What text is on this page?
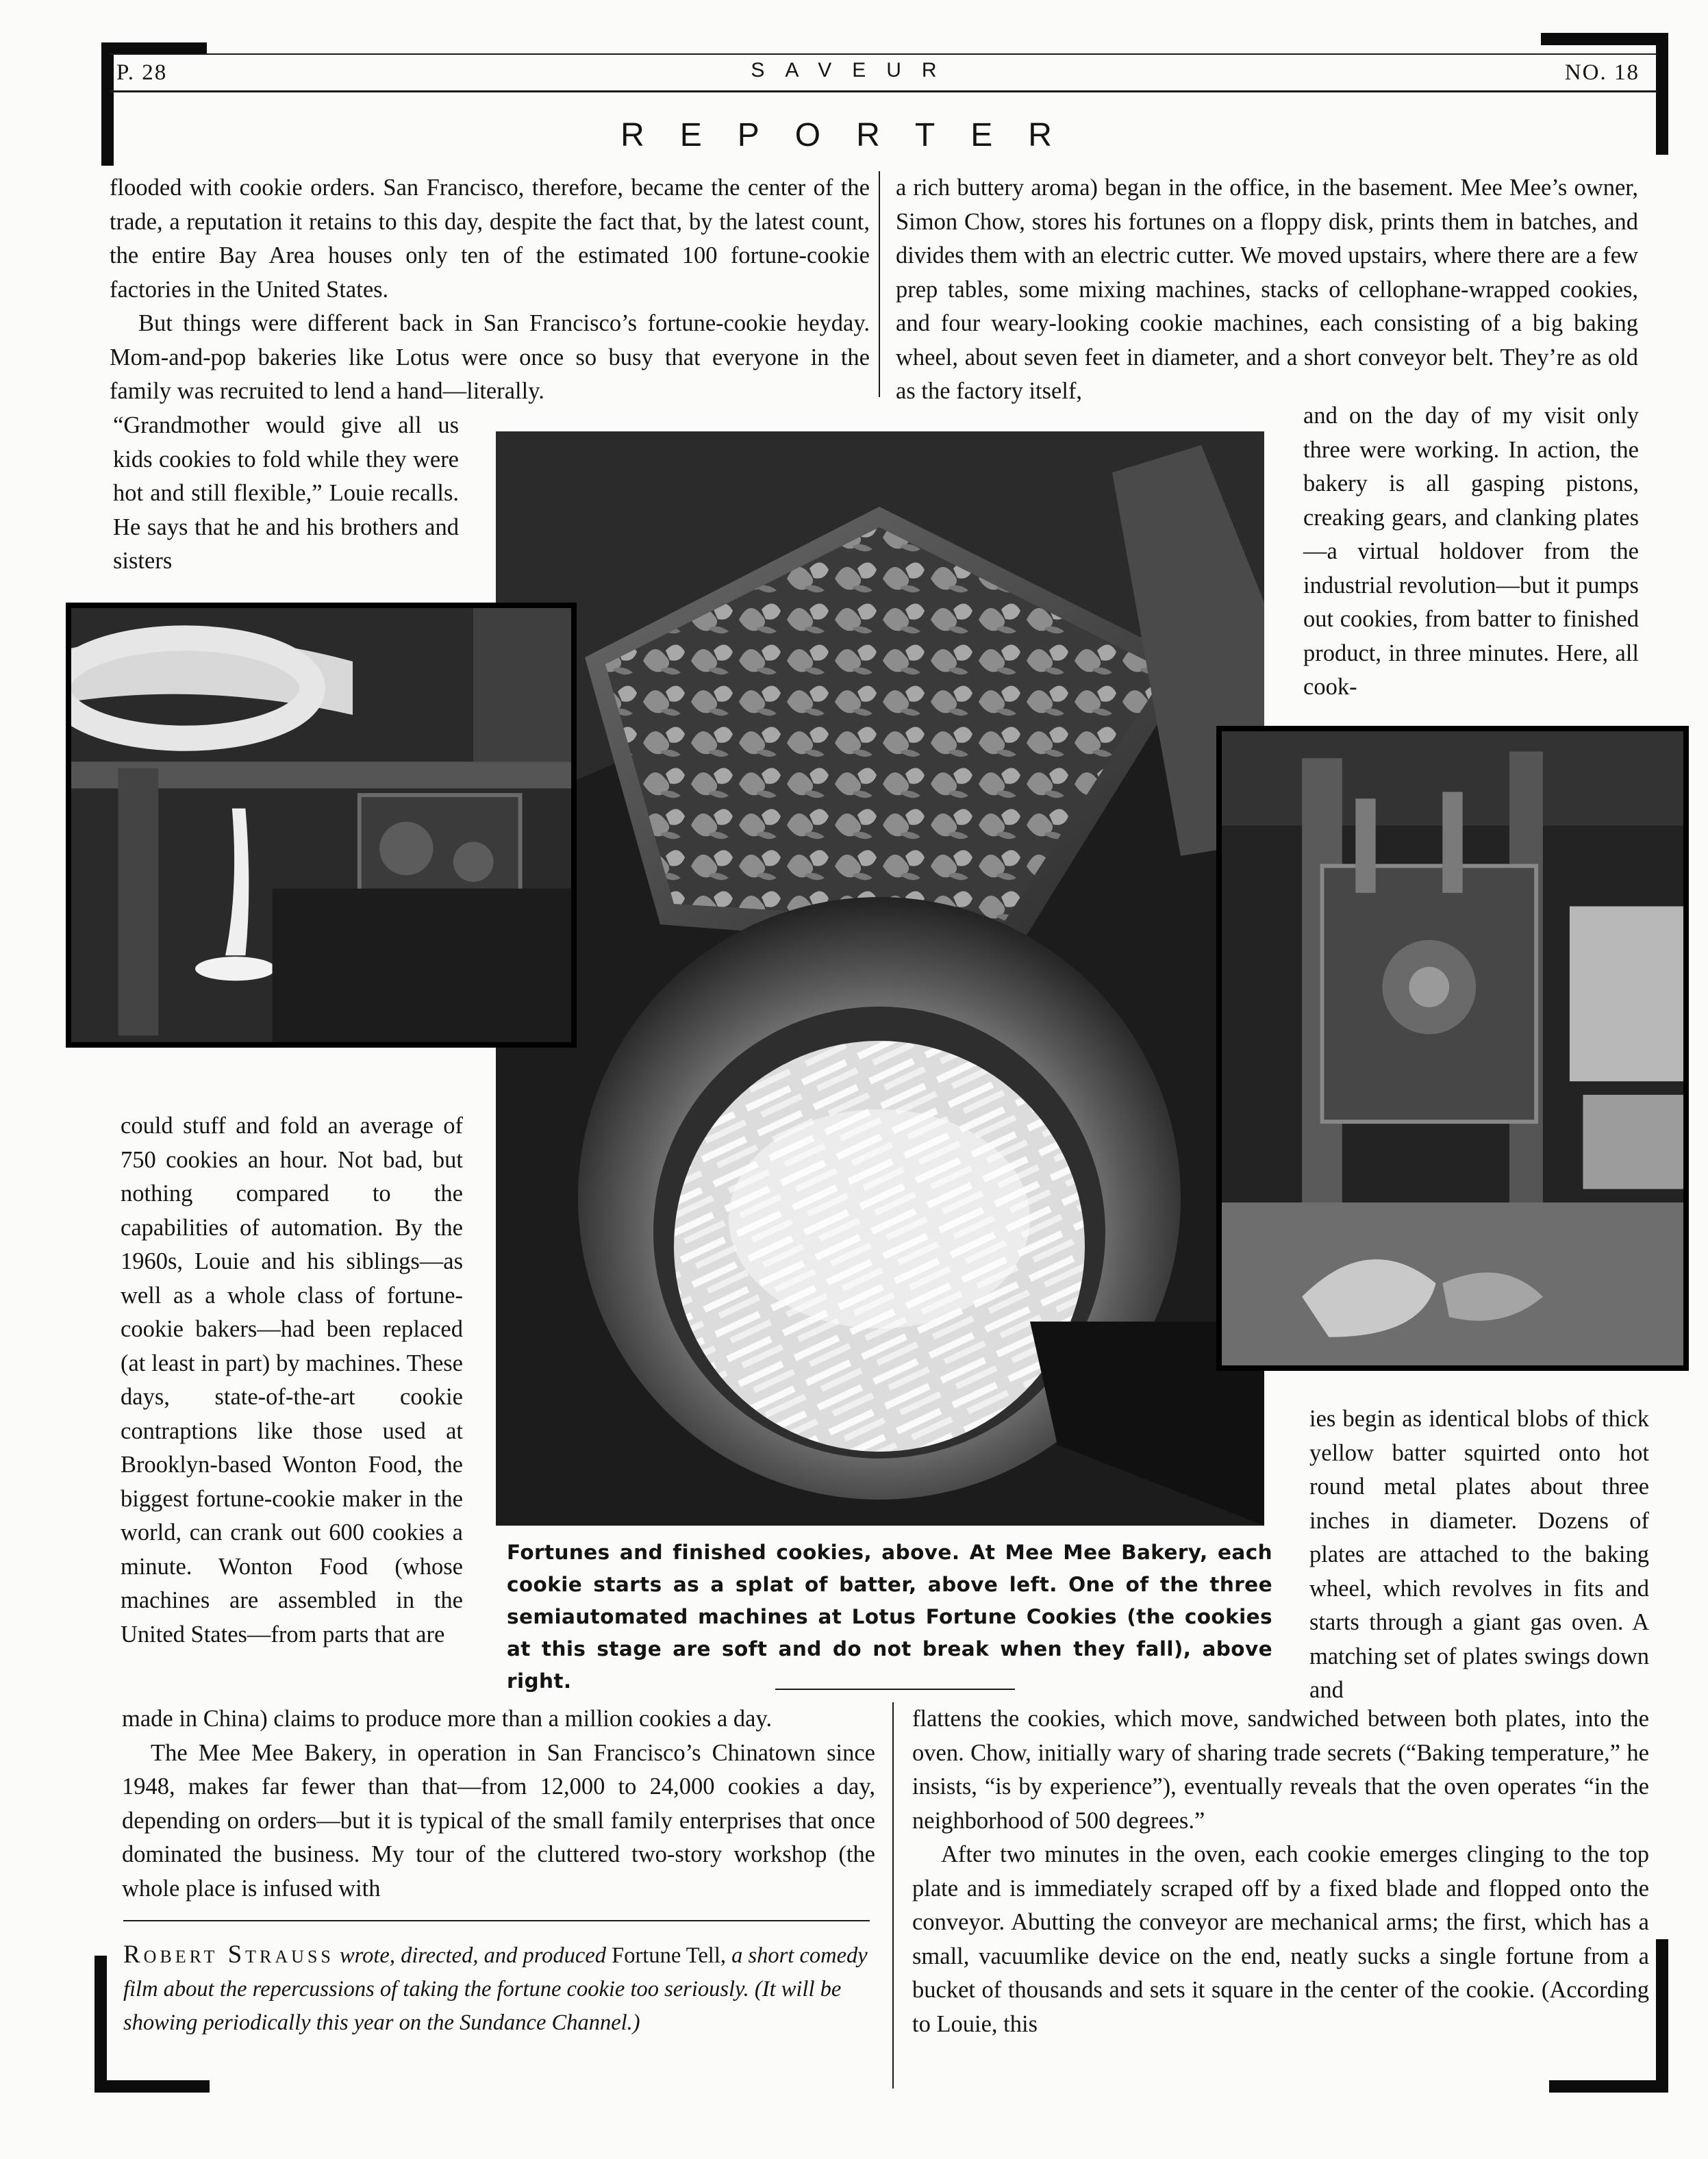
P. 28	SAVEUR	NO. 18
REPORTER

flooded with cookie orders. San Francisco, therefore, became the center of the trade, a reputation it retains to this day, despite the fact that, by the latest count, the entire Bay Area houses only ten of the estimated 100 fortune-cookie factories in the United States.

But things were different back in San Francisco’s fortune-cookie heyday. Mom-and-pop bakeries like Lotus were once so busy that everyone in the family was recruited to lend a hand—literally.

“Grandmother would give all us kids cookies to fold while they were hot and still flexible,” Louie recalls. He says that he and his brothers and sisters

could stuff and fold an average of 750 cookies an hour. Not bad, but nothing compared to the capabilities of automation. By the 1960s, Louie and his siblings—as well as a whole class of fortune-cookie bakers—had been replaced (at least in part) by machines. These days, state-of-the-art cookie contraptions like those used at Brooklyn-based Wonton Food, the biggest fortune-cookie maker in the world, can crank out 600 cookies a minute. Wonton Food (whose machines are assembled in the United States—from parts that are

made in China) claims to produce more than a million cookies a day.

The Mee Mee Bakery, in operation in San Francisco’s Chinatown since 1948, makes far fewer than that—from 12,000 to 24,000 cookies a day, depending on orders—but it is typical of the small family enterprises that once dominated the business. My tour of the cluttered two-story workshop (the whole place is infused with

a rich buttery aroma) began in the office, in the basement. Mee Mee’s owner, Simon Chow, stores his fortunes on a floppy disk, prints them in batches, and divides them with an electric cutter. We moved upstairs, where there are a few prep tables, some mixing machines, stacks of cellophane-wrapped cookies, and four weary-looking cookie machines, each consisting of a big baking wheel, about seven feet in diameter, and a short conveyor belt. They’re as old as the factory itself,

and on the day of my visit only three were working. In action, the bakery is all gasping pistons, creaking gears, and clanking plates—a virtual holdover from the industrial revolution—but it pumps out cookies, from batter to finished product, in three minutes. Here, all cook-

ies begin as identical blobs of thick yellow batter squirted onto hot round metal plates about three inches in diameter. Dozens of plates are attached to the baking wheel, which revolves in fits and starts through a giant gas oven. A matching set of plates swings down and

flattens the cookies, which move, sandwiched between both plates, into the oven. Chow, initially wary of sharing trade secrets (“Baking temperature,” he insists, “is by experience”), eventually reveals that the oven operates “in the neighborhood of 500 degrees.”

After two minutes in the oven, each cookie emerges clinging to the top plate and is immediately scraped off by a fixed blade and flopped onto the conveyor. Abutting the conveyor are mechanical arms; the first, which has a small, vacuumlike device on the end, neatly sucks a single fortune from a bucket of thousands and sets it square in the center of the cookie. (According to Louie, this

Fortunes and finished cookies, above. At Mee Mee Bakery, each cookie starts as a splat of batter, above left. One of the three semiautomated machines at Lotus Fortune Cookies (the cookies at this stage are soft and do not break when they fall), above right.
Robert Strauss wrote, directed, and produced Fortune Tell, a short comedy film about the repercussions of taking the fortune cookie too seriously. (It will be showing periodically this year on the Sundance Channel.)
